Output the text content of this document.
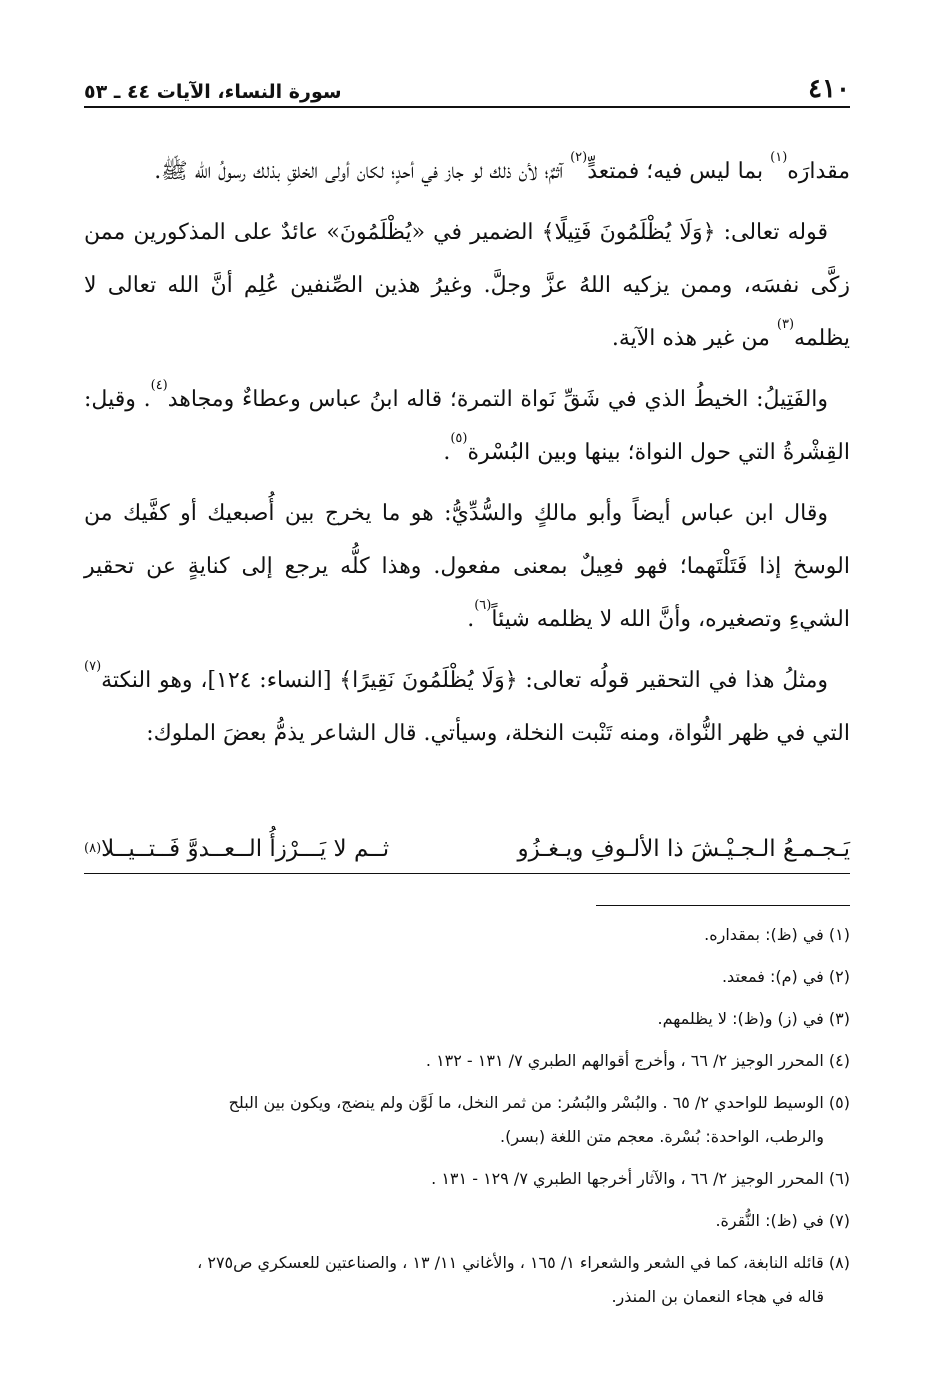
٤١٠
سورة النساء، الآيات ٤٤ ـ ٥٣

مقدارَه$^{(١)}$ بما ليس فيه؛ فمتعدٍّ$^{(٢)}$ آثمٌ؛ لأن ذلك لو جاز في أحدٍ؛ لكان أولى الخلقِ بذلك رسولُ الله ﷺ.

قوله تعالى: ﴿وَلَا يُظْلَمُونَ فَتِيلًا﴾ الضمير في «يُظْلَمُونَ» عائدٌ على المذكورين ممن زكَّى نفسَه، وممن يزكيه اللهُ عزَّ وجلَّ. وغيرُ هذين الصِّنفين عُلِم أنَّ الله تعالى لا يظلمه$^{(٣)}$ من غير هذه الآية.

والفَتِيلُ: الخيطُ الذي في شَقِّ نَواة التمرة؛ قاله ابنُ عباس وعطاءٌ ومجاهد$^{(٤)}$. وقيل: القِشْرةُ التي حول النواة؛ بينها وبين البُسْرة$^{(٥)}$.

وقال ابن عباس أيضاً وأبو مالكٍ والسُّدِّيُّ: هو ما يخرج بين أُصبعيك أو كفَّيك من الوسخ إذا فَتَلْتَهما؛ فهو فعِيلٌ بمعنى مفعول. وهذا كلُّه يرجع إلى كنايةٍ عن تحقير الشيءِ وتصغيره، وأنَّ الله لا يظلمه شيئاً$^{(٦)}$.

ومثلُ هذا في التحقير قولُه تعالى: ﴿وَلَا يُظْلَمُونَ نَقِيرًا﴾ [النساء: ١٢٤]، وهو النكتة$^{(٧)}$ التي في ظهر النُّواة، ومنه تَنْبت النخلة، وسيأتي. قال الشاعر يذمُّ بعضَ الملوك:

يَـجـمـعُ الـجـيْـشَ ذا الألـوفِ ويـغـزُو
ثــم لا يَـــرْزأُ الــعــدوَّ فَــتــيــلا$^{(٨)}$
(١) في (ظ): بمقداره.
(٢) في (م): فمعتد.
(٣) في (ز) و(ظ): لا يظلمهم.
(٤) المحرر الوجيز ٢/ ٦٦ ، وأخرج أقوالهم الطبري ٧/ ١٣١ - ١٣٢ .
(٥) الوسيط للواحدي ٢/ ٦٥ . والبُسْر والبُسُر: من ثمر النخل، ما لَوَّن ولم ينضج، ويكون بين البلح
والرطب، الواحدة: بُسْرة. معجم متن اللغة (بسر).
(٦) المحرر الوجيز ٢/ ٦٦ ، والآثار أخرجها الطبري ٧/ ١٢٩ - ١٣١ .
(٧) في (ظ): النُّقرة.
(٨) قائله النابغة، كما في الشعر والشعراء ١/ ١٦٥ ، والأغاني ١١/ ١٣ ، والصناعتين للعسكري ص٢٧٥ ،
قاله في هجاء النعمان بن المنذر.
